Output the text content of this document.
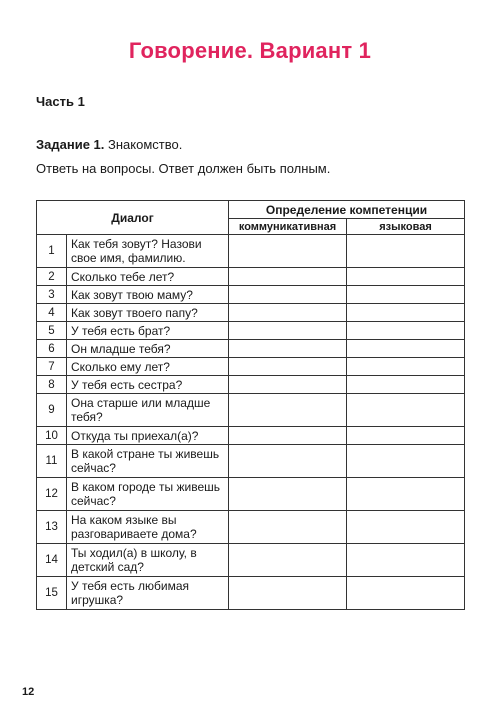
Говорение. Вариант 1
Часть 1
Задание 1. Знакомство.
Ответь на вопросы. Ответ должен быть полным.
Диалог		Определение компетенции	
		коммуникативная	языковая
1	Как тебя зовут? Назови свое имя, фамилию.		
2	Сколько тебе лет?		
3	Как зовут твою маму?		
4	Как зовут твоего папу?		
5	У тебя есть брат?		
6	Он младше тебя?		
7	Сколько ему лет?		
8	У тебя есть сестра?		
9	Она старше или младше тебя?		
10	Откуда ты приехал(а)?		
11	В какой стране ты живешь сейчас?		
12	В каком городе ты живешь сейчас?		
13	На каком языке вы разговариваете дома?		
14	Ты ходил(а) в школу, в детский сад?		
15	У тебя есть любимая игрушка?		
12
